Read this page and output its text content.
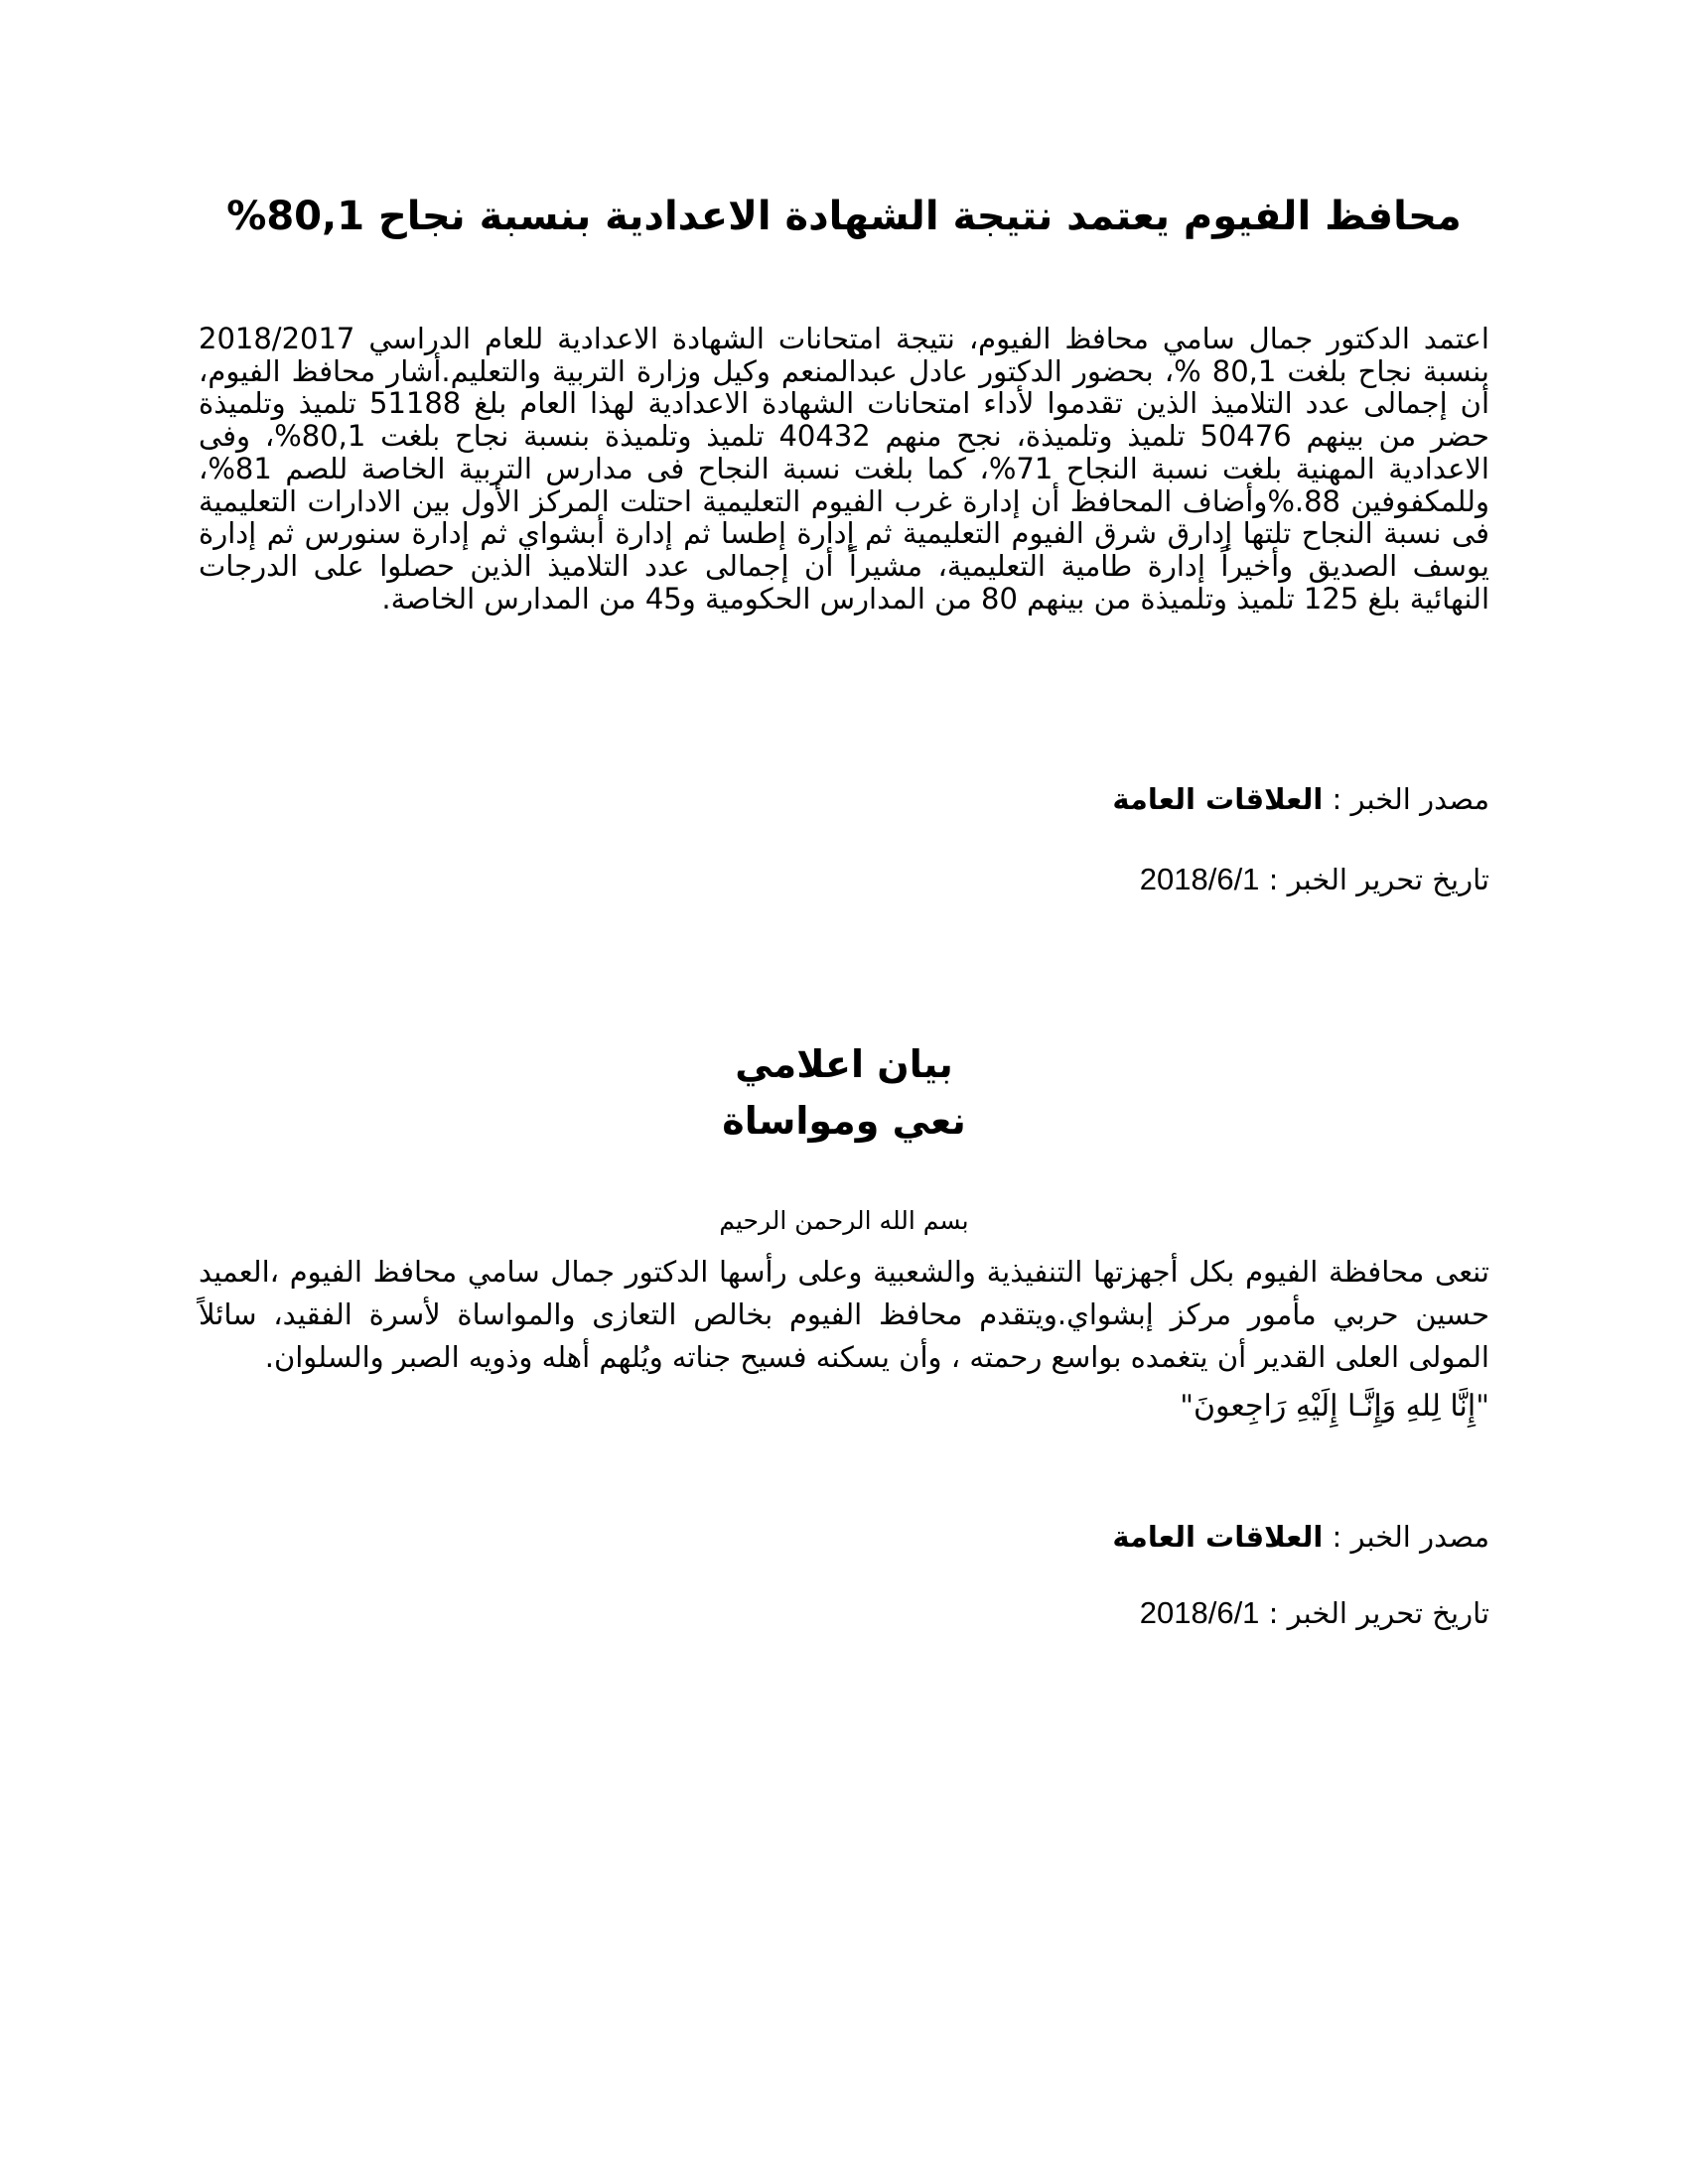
محافظ الفيوم يعتمد نتيجة الشهادة الاعدادية بنسبة نجاح 80,1%

اعتمد الدكتور جمال سامي محافظ الفيوم، نتيجة امتحانات الشهادة الاعدادية للعام الدراسي 2018/2017 بنسبة نجاح بلغت 80,1 %، بحضور الدكتور عادل عبدالمنعم وكيل وزارة التربية والتعليم.أشار محافظ الفيوم، أن إجمالى عدد التلاميذ الذين تقدموا لأداء امتحانات الشهادة الاعدادية لهذا العام بلغ 51188 تلميذ وتلميذة حضر من بينهم 50476 تلميذ وتلميذة، نجح منهم 40432 تلميذ وتلميذة بنسبة نجاح بلغت 80,1%، وفى الاعدادية المهنية بلغت نسبة النجاح 71%، كما بلغت نسبة النجاح فى مدارس التربية الخاصة للصم 81%، وللمكفوفين 88.%وأضاف المحافظ أن إدارة غرب الفيوم التعليمية احتلت المركز الأول بين الادارات التعليمية فى نسبة النجاح تلتها إدارق شرق الفيوم التعليمية ثم إدارة إطسا ثم إدارة أبشواي ثم إدارة سنورس ثم إدارة يوسف الصديق وأخيراً إدارة طامية التعليمية، مشيراً أن إجمالى عدد التلاميذ الذين حصلوا على الدرجات النهائية بلغ 125 تلميذ وتلميذة من بينهم 80 من المدارس الحكومية و45 من المدارس الخاصة.

مصدر الخبر : العلاقات العامة

تاريخ تحرير الخبر : 2018/6/1

بيان اعلامي
نعي ومواساة

بسم الله الرحمن الرحيم

تنعى محافظة الفيوم بكل أجهزتها التنفيذية والشعبية وعلى رأسها الدكتور جمال سامي محافظ الفيوم ،العميد حسين حربي مأمور مركز إبشواي.ويتقدم محافظ الفيوم بخالص التعازى والمواساة لأسرة الفقيد، سائلاً المولى العلى القدير أن يتغمده بواسع رحمته ، وأن يسكنه فسيح جناته ويُلهم أهله وذويه الصبر والسلوان.

"إِنَّا لِلهِ وَإِنَّـا إِلَيْهِ رَاجِعونَ"

مصدر الخبر : العلاقات العامة

تاريخ تحرير الخبر : 2018/6/1
